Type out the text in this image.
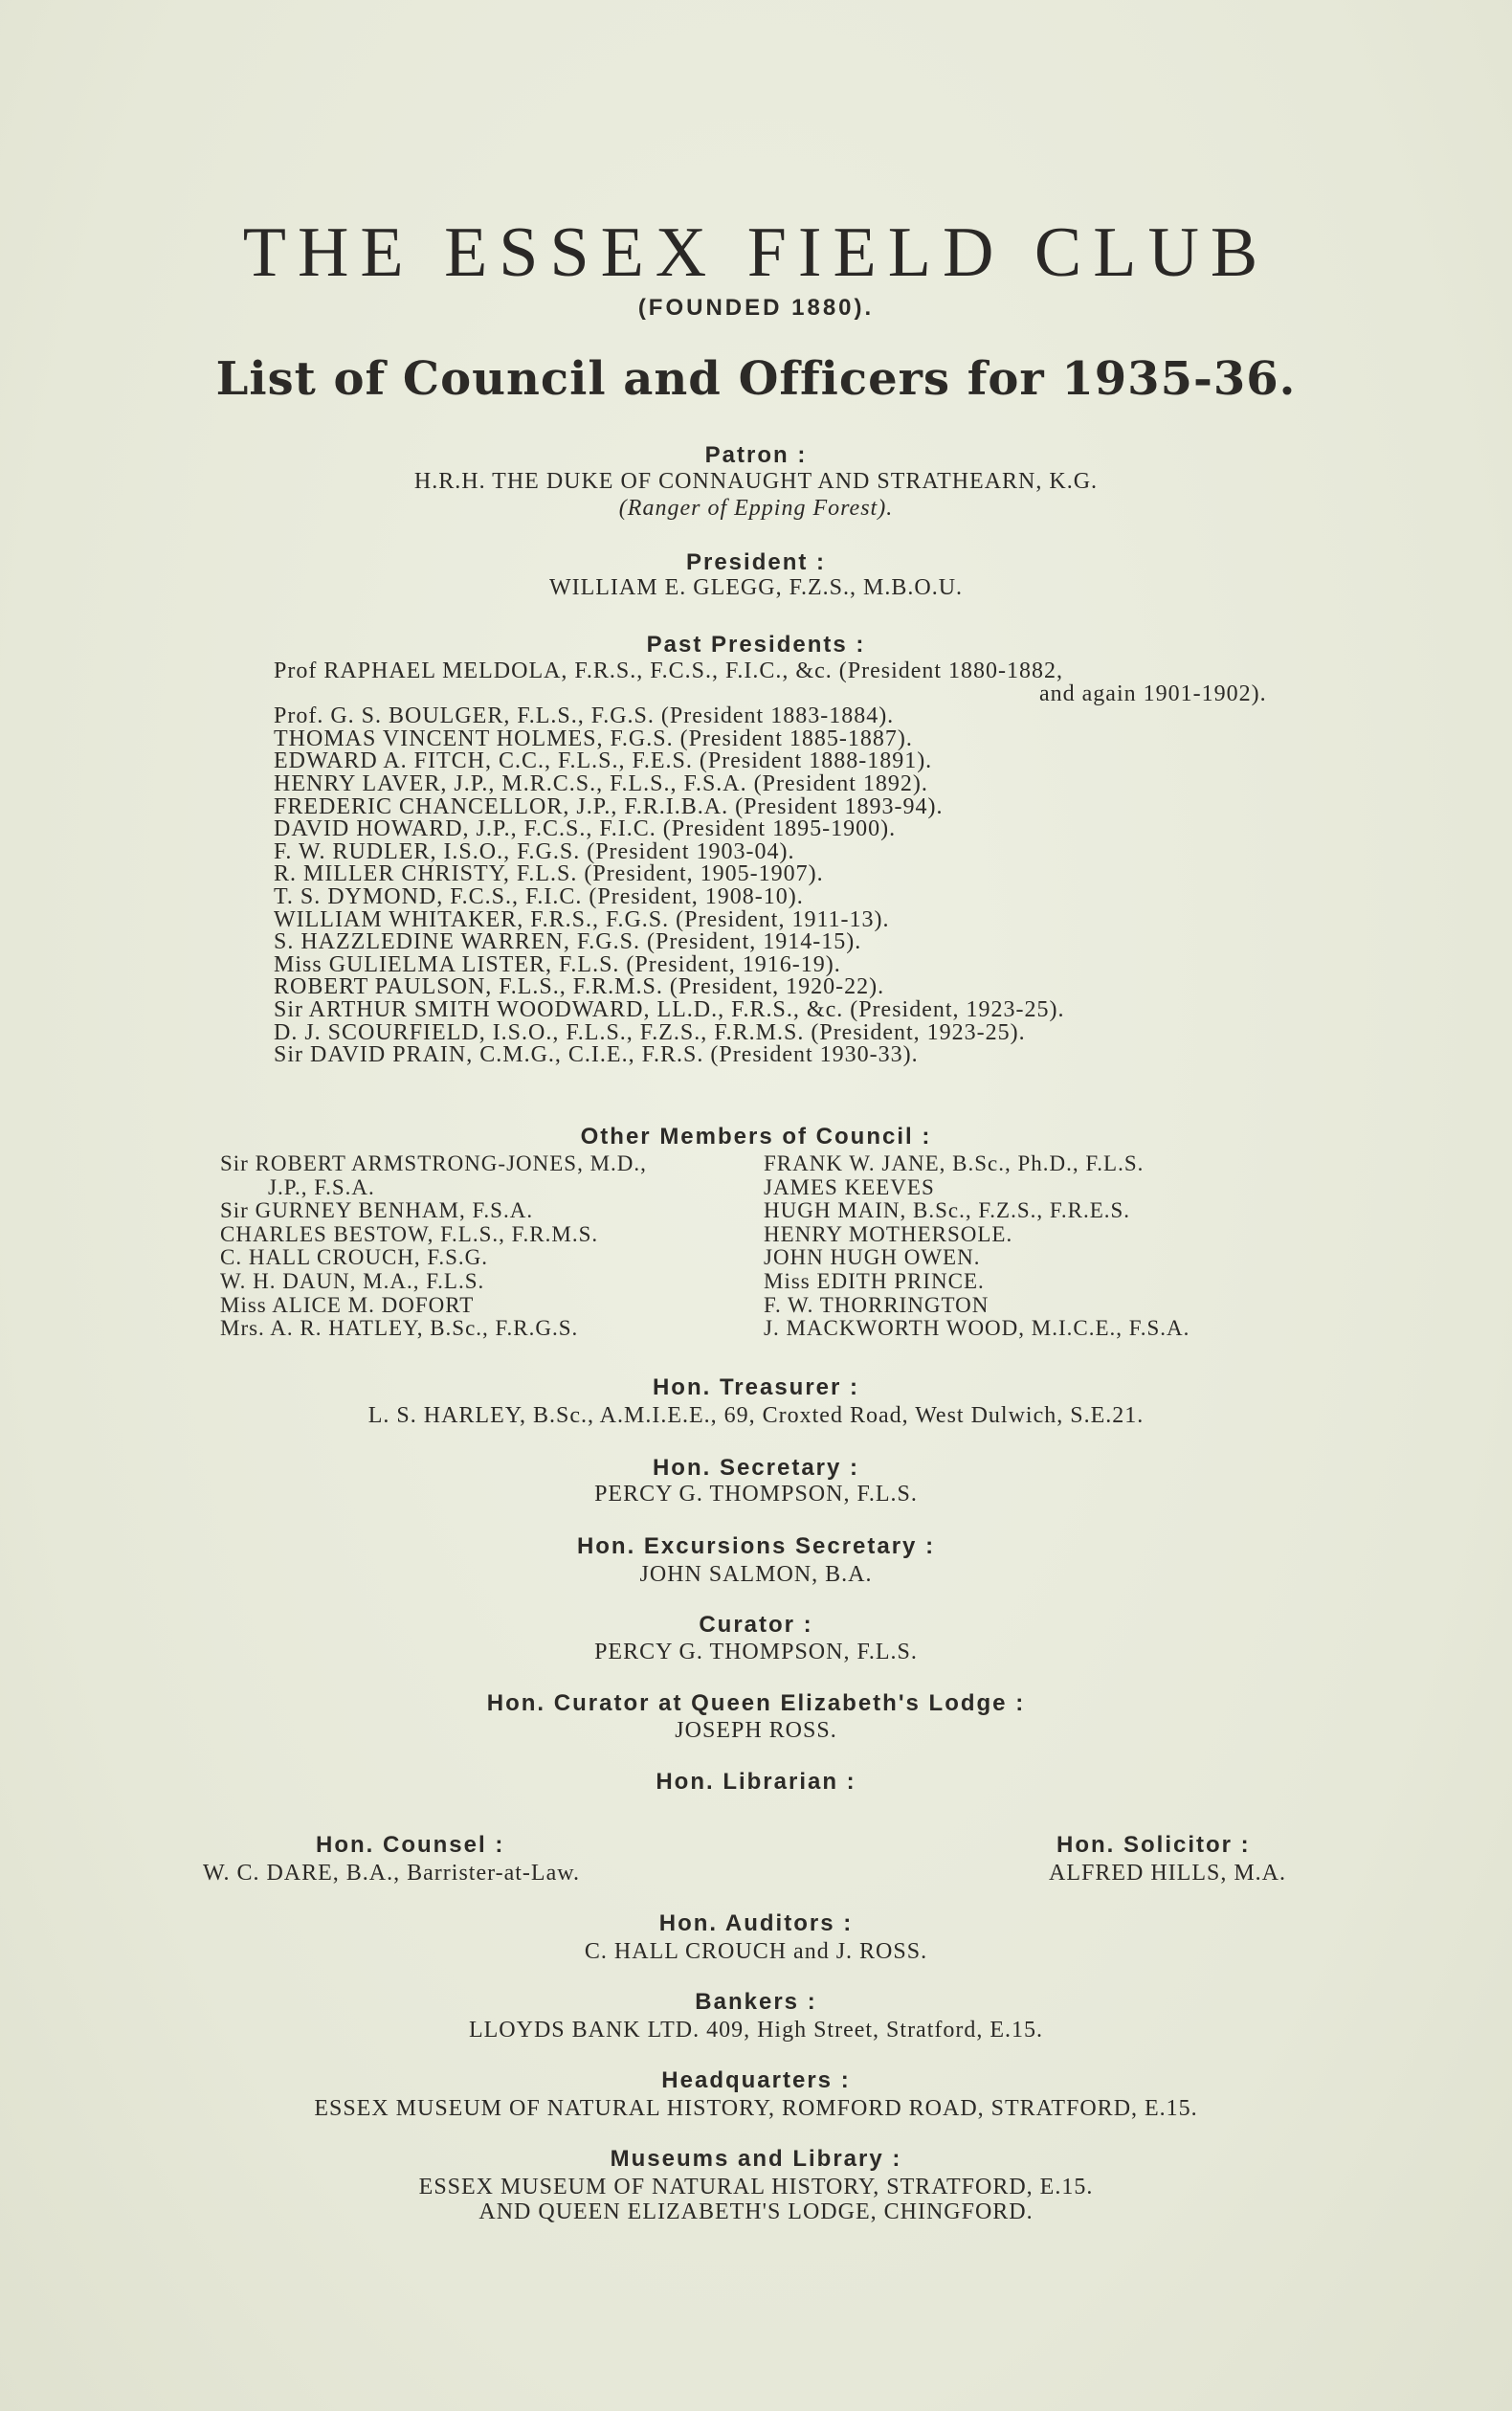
THE ESSEX FIELD CLUB
(FOUNDED 1880).
List of Council and Officers for 1935-36.
Patron :
H.R.H. THE DUKE OF CONNAUGHT AND STRATHEARN, K.G.
(Ranger of Epping Forest).
President :
WILLIAM E. GLEGG, F.Z.S., M.B.O.U.
Past Presidents :
Prof RAPHAEL MELDOLA, F.R.S., F.C.S., F.I.C., &c. (President 1880-1882,
and again 1901-1902).
Prof. G. S. BOULGER, F.L.S., F.G.S. (President 1883-1884).
THOMAS VINCENT HOLMES, F.G.S. (President 1885-1887).
EDWARD A. FITCH, C.C., F.L.S., F.E.S. (President 1888-1891).
HENRY LAVER, J.P., M.R.C.S., F.L.S., F.S.A. (President 1892).
FREDERIC CHANCELLOR, J.P., F.R.I.B.A. (President 1893-94).
DAVID HOWARD, J.P., F.C.S., F.I.C. (President 1895-1900).
F. W. RUDLER, I.S.O., F.G.S. (President 1903-04).
R. MILLER CHRISTY, F.L.S. (President, 1905-1907).
T. S. DYMOND, F.C.S., F.I.C. (President, 1908-10).
WILLIAM WHITAKER, F.R.S., F.G.S. (President, 1911-13).
S. HAZZLEDINE WARREN, F.G.S. (President, 1914-15).
Miss GULIELMA LISTER, F.L.S. (President, 1916-19).
ROBERT PAULSON, F.L.S., F.R.M.S. (President, 1920-22).
Sir ARTHUR SMITH WOODWARD, LL.D., F.R.S., &c. (President, 1923-25).
D. J. SCOURFIELD, I.S.O., F.L.S., F.Z.S., F.R.M.S. (President, 1923-25).
Sir DAVID PRAIN, C.M.G., C.I.E., F.R.S. (President 1930-33).
Other Members of Council :
Sir ROBERT ARMSTRONG-JONES, M.D.,
J.P., F.S.A.
Sir GURNEY BENHAM, F.S.A.
CHARLES BESTOW, F.L.S., F.R.M.S.
C. HALL CROUCH, F.S.G.
W. H. DAUN, M.A., F.L.S.
Miss ALICE M. DOFORT
Mrs. A. R. HATLEY, B.Sc., F.R.G.S.
FRANK W. JANE, B.Sc., Ph.D., F.L.S.
JAMES KEEVES
HUGH MAIN, B.Sc., F.Z.S., F.R.E.S.
HENRY MOTHERSOLE.
JOHN HUGH OWEN.
Miss EDITH PRINCE.
F. W. THORRINGTON
J. MACKWORTH WOOD, M.I.C.E., F.S.A.
Hon. Treasurer :
L. S. HARLEY, B.Sc., A.M.I.E.E., 69, Croxted Road, West Dulwich, S.E.21.
Hon. Secretary :
PERCY G. THOMPSON, F.L.S.
Hon. Excursions Secretary :
JOHN SALMON, B.A.
Curator :
PERCY G. THOMPSON, F.L.S.
Hon. Curator at Queen Elizabeth's Lodge :
JOSEPH ROSS.
Hon. Librarian :
Hon. Counsel :
W. C. DARE, B.A., Barrister-at-Law.
Hon. Solicitor :
ALFRED HILLS, M.A.
Hon. Auditors :
C. HALL CROUCH and J. ROSS.
Bankers :
LLOYDS BANK LTD. 409, High Street, Stratford, E.15.
Headquarters :
ESSEX MUSEUM OF NATURAL HISTORY, ROMFORD ROAD, STRATFORD, E.15.
Museums and Library :
ESSEX MUSEUM OF NATURAL HISTORY, STRATFORD, E.15.
AND QUEEN ELIZABETH'S LODGE, CHINGFORD.
